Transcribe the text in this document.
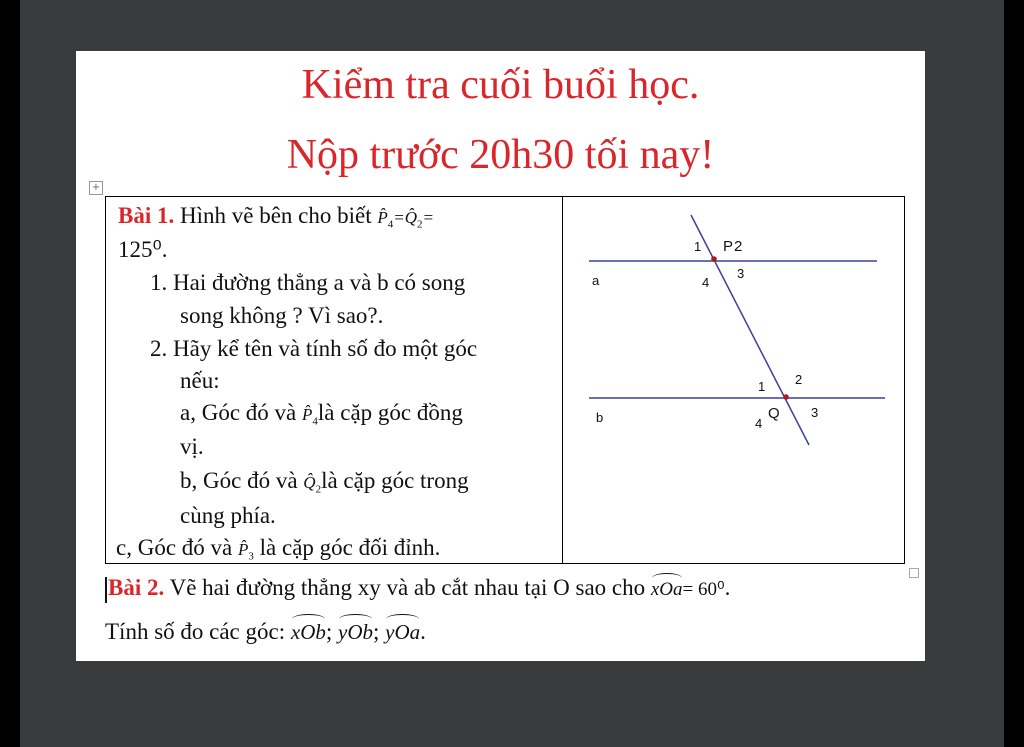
Kiểm tra cuối buổi học.
Nộp trước 20h30 tối nay!
+
Bài 1. Hình vẽ bên cho biết $P̂_4=Q̂_2=$
125⁰.
1. Hai đường thẳng a và b có song
song không ? Vì sao?.
2. Hãy kể tên và tính số đo một góc
nếu:
a, Góc đó và $P̂_4là$ cặp góc đồng
vị.
b, Góc đó và $Q̂_2là$ cặp góc trong
cùng phía.
c, Góc đó và $P̂_3$ là cặp góc đối đỉnh.
a
b
1 P 2
3
4
1 2
3
4
Q
Bài 2. Vẽ hai đường thẳng xy và ab cắt nhau tại O sao cho xOa= 60⁰.
Tính số đo các góc: xOb; yOb; yOa.
